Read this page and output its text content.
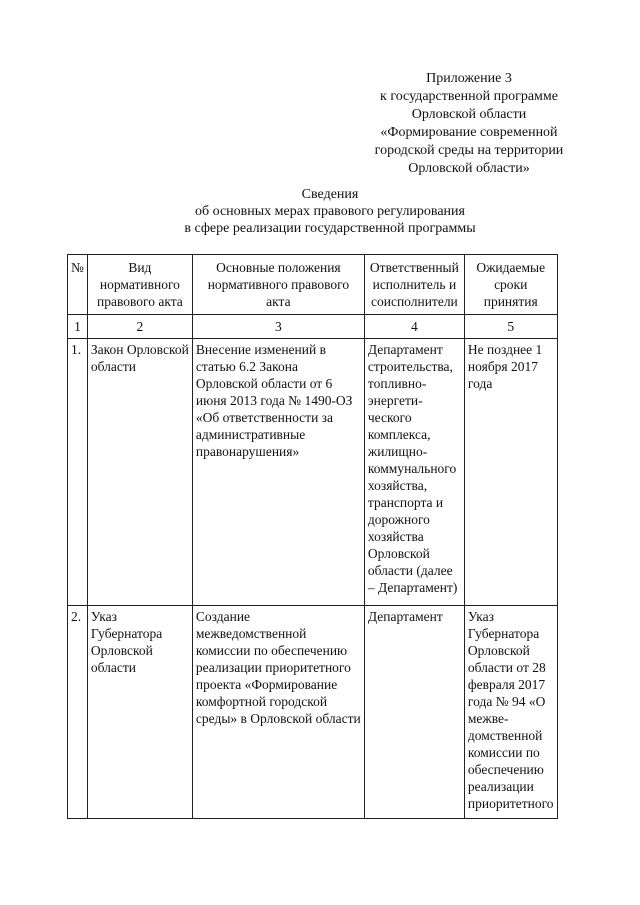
Приложение 3
к государственной программе
Орловской области
«Формирование современной
городской среды на территории
Орловской области»
Сведения
об основных мерах правового регулирования
в сфере реализации государственной программы
№	Вид нормативного правового акта	Основные положения нормативного правового акта	Ответственный исполнитель и соисполнители	Ожидаемые сроки принятия
1	2	3	4	5
1.	Закон Орловской области	Внесение изменений в статью 6.2 Закона Орловской области от 6 июня 2013 года № 1490-ОЗ «Об ответственности за административные правонарушения»	Департамент строительства, топливно-энергети-ческого комплекса, жилищно-коммунального хозяйства, транспорта и дорожного хозяйства Орловской области (далее – Департамент)	Не позднее 1 ноября 2017 года
2.	Указ Губернатора Орловской области	Создание межведомственной комиссии по обеспечению реализации приоритетного проекта «Формирование комфортной городской среды» в Орловской области	Департамент	Указ Губернатора Орловской области от 28 февраля 2017 года № 94 «О межве-домственной комиссии по обеспечению реализации приоритетного
